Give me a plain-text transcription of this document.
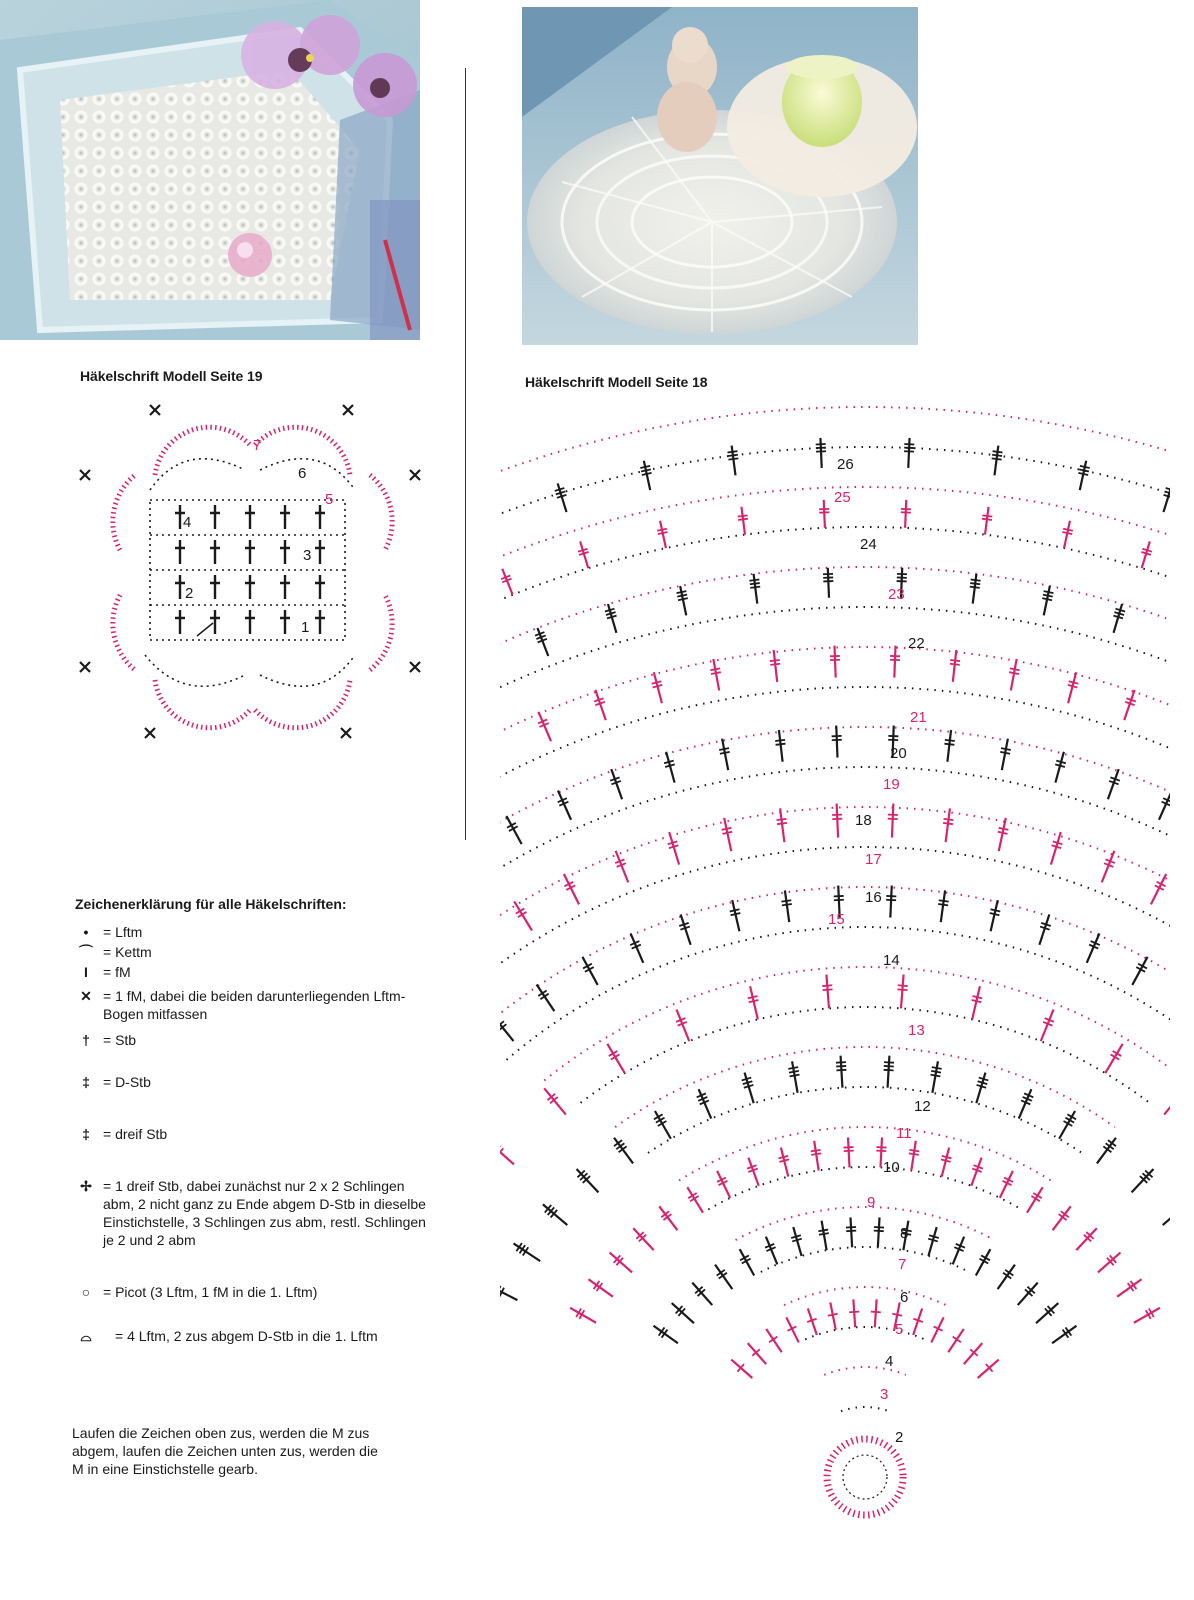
Häkelschrift Modell Seite 19	Häkelschrift Modell Seite 18
7
6
5
4
3
2
1
2
3
4
5
6
7
8
9
10
11
12
13
14
15
16
17
18
19
20
21
22
23
24
25
26
Zeichenerklärung für alle Häkelschriften:
•	= Lftm
⌒ = Kettm
I	= fM
✕ = 1 fM, dabei die beiden darunterliegenden Lftm-Bogen mitfassen
† = Stb
‡ = D-Stb
‡ = dreif Stb
✢ = 1 dreif Stb, dabei zunächst nur 2 x 2 Schlingen abm, 2 nicht ganz zu Ende abgem D-Stb in dieselbe Einstichstelle, 3 Schlingen zus abm, restl. Schlingen je 2 und 2 abm
○ = Picot (3 Lftm, 1 fM in die 1. Lftm)
⌓	= 4 Lftm, 2 zus abgem D-Stb in die 1. Lftm
Laufen die Zeichen oben zus, werden die M zus abgem, laufen die Zeichen unten zus, werden die M in eine Einstichstelle gearb.
